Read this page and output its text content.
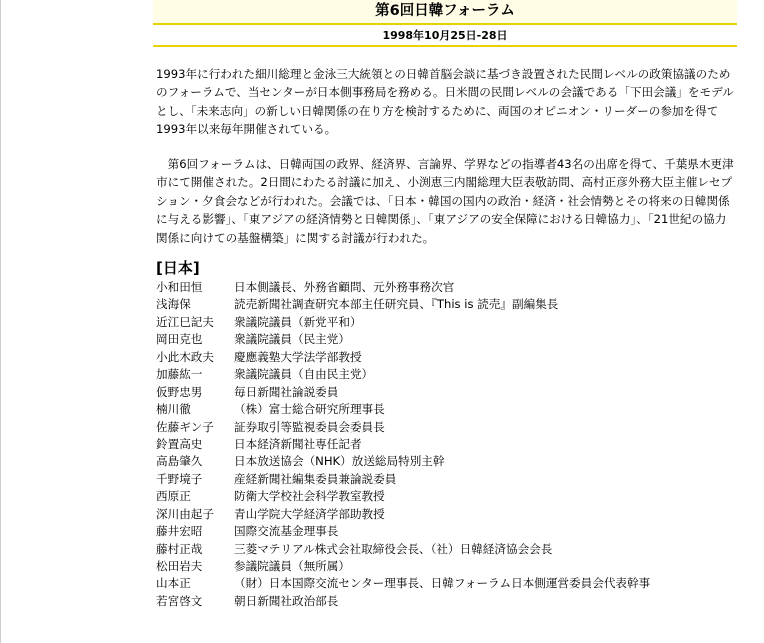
第6回日韓フォーラム
1998年10月25日-28日

1993年に行われた細川総理と金泳三大統領との日韓首脳会談に基づき設置された民間レベルの政策協議のためのフォーラムで、当センターが日本側事務局を務める。日米間の民間レベルの会議である「下田会議」をモデルとし、「未来志向」の新しい日韓関係の在り方を検討するために、両国のオピニオン・リーダーの参加を得て1993年以来毎年開催されている。

　第6回フォーラムは、日韓両国の政界、経済界、言論界、学界などの指導者43名の出席を得て、千葉県木更津市にて開催された。2日間にわたる討議に加え、小渕恵三内閣総理大臣表敬訪問、高村正彦外務大臣主催レセプション・夕食会などが行われた。会議では、「日本・韓国の国内の政治・経済・社会情勢とその将来の日韓関係に与える影響」、「東アジアの経済情勢と日韓関係」、「東アジアの安全保障における日韓協力」、「21世紀の協力関係に向けての基盤構築」に関する討議が行われた。

[日本]
小和田恒	日本側議長、外務省顧問、元外務事務次官
浅海保	読売新聞社調査研究本部主任研究員、『This is 読売』副編集長
近江巳記夫	衆議院議員（新党平和）
岡田克也	衆議院議員（民主党）
小此木政夫	慶應義塾大学法学部教授
加藤紘一	衆議院議員（自由民主党）
仮野忠男	毎日新聞社論説委員
楠川徹	（株）富士総合研究所理事長
佐藤ギン子	証券取引等監視委員会委員長
鈴置高史	日本経済新聞社専任記者
高島肇久	日本放送協会（NHK）放送総局特別主幹
千野境子	産経新聞社編集委員兼論説委員
西原正	防衛大学校社会科学教室教授
深川由起子	青山学院大学経済学部助教授
藤井宏昭	国際交流基金理事長
藤村正哉	三菱マテリアル株式会社取締役会長、（社）日韓経済協会会長
松田岩夫	参議院議員（無所属）
山本正	（財）日本国際交流センター理事長、日韓フォーラム日本側運営委員会代表幹事
若宮啓文	朝日新聞社政治部長
